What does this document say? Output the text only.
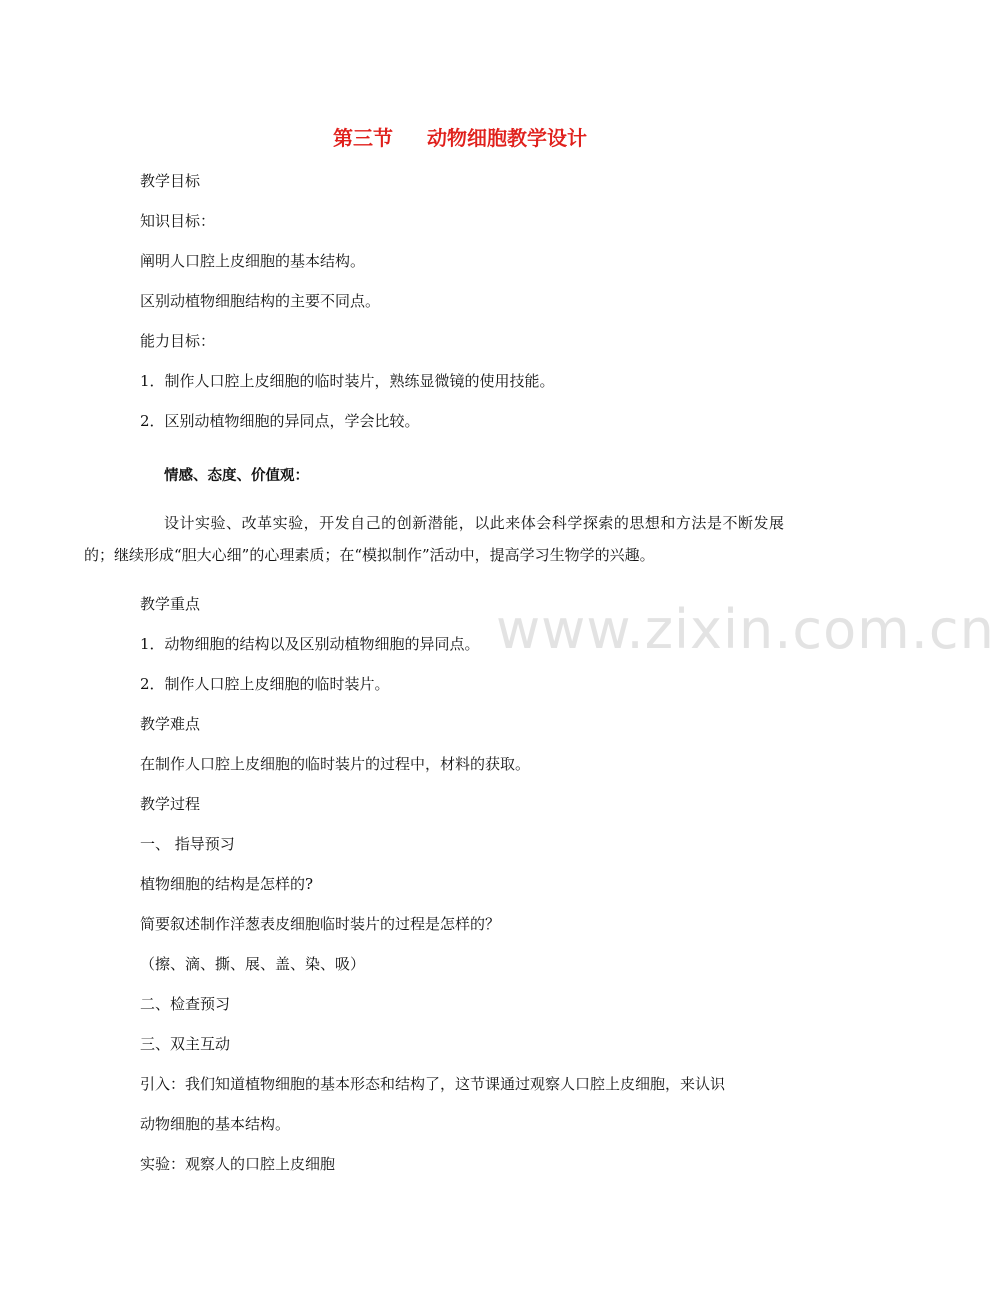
www.zixin.com.cn
第三节 动物细胞教学设计
教学目标
知识目标：
阐明人口腔上皮细胞的基本结构。
区别动植物细胞结构的主要不同点。
能力目标：
1．制作人口腔上皮细胞的临时装片，熟练显微镜的使用技能。
2．区别动植物细胞的异同点，学会比较。
情感、态度、价值观：
设计实验、改革实验，开发自己的创新潜能，以此来体会科学探索的思想和方法是不断发展的；继续形成“胆大心细”的心理素质；在“模拟制作”活动中，提高学习生物学的兴趣。
教学重点
1．动物细胞的结构以及区别动植物细胞的异同点。
2．制作人口腔上皮细胞的临时装片。
教学难点
在制作人口腔上皮细胞的临时装片的过程中，材料的获取。
教学过程
一、 指导预习
植物细胞的结构是怎样的?
简要叙述制作洋葱表皮细胞临时装片的过程是怎样的？
（擦、滴、撕、展、盖、染、吸）
二、检查预习
三、双主互动
引入：我们知道植物细胞的基本形态和结构了，这节课通过观察人口腔上皮细胞，来认识
动物细胞的基本结构。
实验：观察人的口腔上皮细胞
